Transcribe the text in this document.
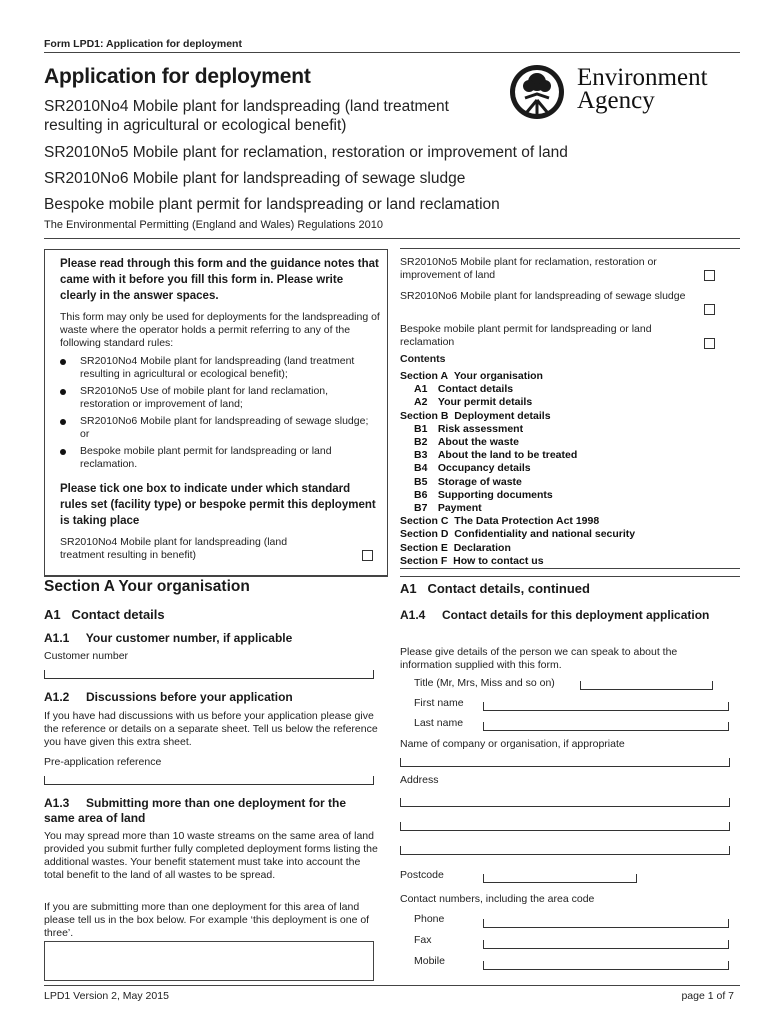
Form LPD1: Application for deployment
Application for deployment
SR2010No4 Mobile plant for landspreading (land treatment
resulting in agricultural or ecological benefit)
SR2010No5 Mobile plant for reclamation, restoration or improvement of land
SR2010No6 Mobile plant for landspreading of sewage sludge
Bespoke mobile plant permit for landspreading or land reclamation
The Environmental Permitting (England and Wales) Regulations 2010
Environment
Agency
Please read through this form and the guidance notes that came with it before you fill this form in. Please write clearly in the answer spaces.
This form may only be used for deployments for the landspreading of waste where the operator holds a permit referring to any of the following standard rules:
SR2010No4 Mobile plant for landspreading (land treatment resulting in agricultural or ecological benefit);
SR2010No5 Use of mobile plant for land reclamation, restoration or improvement of land;
SR2010No6 Mobile plant for landspreading of sewage sludge; or
Bespoke mobile plant permit for landspreading or land reclamation.
Please tick one box to indicate under which standard rules set (facility type) or bespoke permit this deployment is taking place
SR2010No4 Mobile plant for landspreading (land treatment resulting in benefit)
SR2010No5 Mobile plant for reclamation, restoration or improvement of land
SR2010No6 Mobile plant for landspreading of sewage sludge
Bespoke mobile plant permit for landspreading or land reclamation
Contents
Section A Your organisation
A1 Contact details
A2 Your permit details
Section B Deployment details
B1 Risk assessment
B2 About the waste
B3 About the land to be treated
B4 Occupancy details
B5 Storage of waste
B6 Supporting documents
B7 Payment
Section C The Data Protection Act 1998
Section D Confidentiality and national security
Section E Declaration
Section F How to contact us
Section A Your organisation
A1   Contact details
A1.1     Your customer number, if applicable
Customer number
A1.2     Discussions before your application
If you have had discussions with us before your application please give the reference or details on a separate sheet. Tell us below the reference you have given this extra sheet.
Pre-application reference
A1.3     Submitting more than one deployment for the same area of land
You may spread more than 10 waste streams on the same area of land provided you submit further fully completed deployment forms listing the additional wastes. Your benefit statement must take into account the total benefit to the land of all wastes to be spread.
If you are submitting more than one deployment for this area of land please tell us in the box below. For example ‘this deployment is one of three’.
A1   Contact details, continued
A1.4     Contact details for this deployment application
Please give details of the person we can speak to about the information supplied with this form.
Title (Mr, Mrs, Miss and so on)
First name
Last name
Name of company or organisation, if appropriate
Address
Postcode
Contact numbers, including the area code
Phone
Fax
Mobile
LPD1 Version 2, May 2015	page 1 of 7
